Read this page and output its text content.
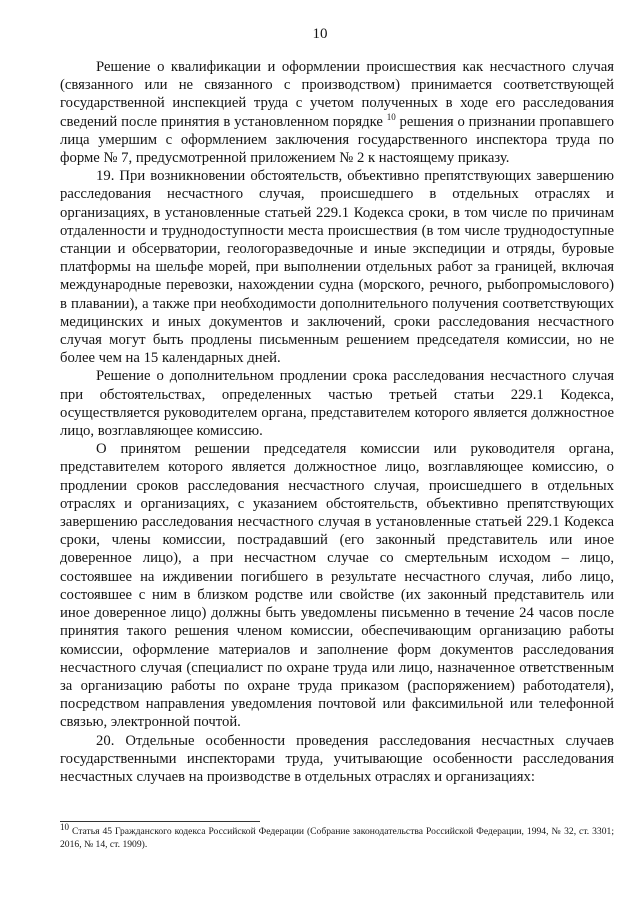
10

Решение о квалификации и оформлении происшествия как несчастного случая (связанного или не связанного с производством) принимается соответствующей государственной инспекцией труда с учетом полученных в ходе его расследования сведений после принятия в установленном порядке $^{10}$ решения о признании пропавшего лица умершим с оформлением заключения государственного инспектора труда по форме № 7, предусмотренной приложением № 2 к настоящему приказу.

19. При возникновении обстоятельств, объективно препятствующих завершению расследования несчастного случая, происшедшего в отдельных отраслях и организациях, в установленные статьей 229.1 Кодекса сроки, в том числе по причинам отдаленности и труднодоступности места происшествия (в том числе труднодоступные станции и обсерватории, геологоразведочные и иные экспедиции и отряды, буровые платформы на шельфе морей, при выполнении отдельных работ за границей, включая международные перевозки, нахождении судна (морского, речного, рыбопромыслового) в плавании), а также при необходимости дополнительного получения соответствующих медицинских и иных документов и заключений, сроки расследования несчастного случая могут быть продлены письменным решением председателя комиссии, но не более чем на 15 календарных дней.

Решение о дополнительном продлении срока расследования несчастного случая при обстоятельствах, определенных частью третьей статьи 229.1 Кодекса, осуществляется руководителем органа, представителем которого является должностное лицо, возглавляющее комиссию.

О принятом решении председателя комиссии или руководителя органа, представителем которого является должностное лицо, возглавляющее комиссию, о продлении сроков расследования несчастного случая, происшедшего в отдельных отраслях и организациях, с указанием обстоятельств, объективно препятствующих завершению расследования несчастного случая в установленные статьей 229.1 Кодекса сроки, члены комиссии, пострадавший (его законный представитель или иное доверенное лицо), а при несчастном случае со смертельным исходом – лицо, состоявшее на иждивении погибшего в результате несчастного случая, либо лицо, состоявшее с ним в близком родстве или свойстве (их законный представитель или иное доверенное лицо) должны быть уведомлены письменно в течение 24 часов после принятия такого решения членом комиссии, обеспечивающим организацию работы комиссии, оформление материалов и заполнение форм документов расследования несчастного случая (специалист по охране труда или лицо, назначенное ответственным за организацию работы по охране труда приказом (распоряжением) работодателя), посредством направления уведомления почтовой или факсимильной или телефонной связью, электронной почтой.

20. Отдельные особенности проведения расследования несчастных случаев государственными инспекторами труда, учитывающие особенности расследования несчастных случаев на производстве в отдельных отраслях и организациях:

$^{10}$ Статья 45 Гражданского кодекса Российской Федерации (Собрание законодательства Российской Федерации, 1994, № 32, ст. 3301; 2016, № 14, ст. 1909).
